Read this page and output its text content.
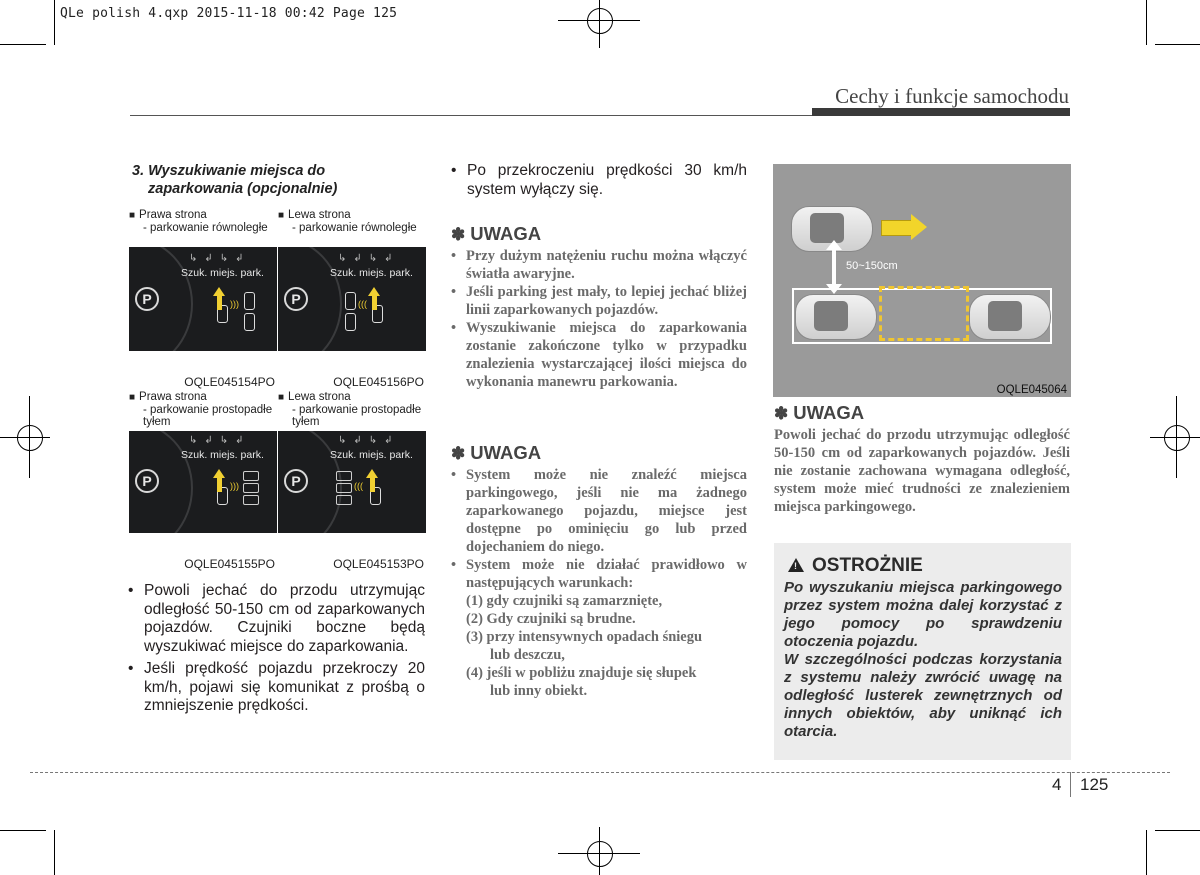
QLe polish 4.qxp 2015-11-18 00:42 Page 125
Cechy i funkcje samochodu
3. Wyszukiwanie miejsca do
zaparkowania (opcjonalnie)
■ Prawa strona
- parkowanie równoległe
↳↲↳↲
Szuk. miejs. park.
P	)))
OQLE045154PO
■ Lewa strona
- parkowanie równoległe
↳↲↳↲
Szuk. miejs. park.
P	(((
OQLE045156PO
■ Prawa strona
- parkowanie prostopadłe tyłem
↳↲↳↲
Szuk. miejs. park.
P	)))
OQLE045155PO
■ Lewa strona
- parkowanie prostopadłe tyłem
↳↲↳↲
Szuk. miejs. park.
P	(((
OQLE045153PO
• Powoli jechać do przodu utrzymując odległość 50-150 cm od zaparkowanych pojazdów. Czujniki boczne będą wyszukiwać miejsce do zaparkowania.
• Jeśli prędkość pojazdu przekroczy 20 km/h, pojawi się komunikat z prośbą o zmniejszenie prędkości.
• Po przekroczeniu prędkości 30 km/h system wyłączy się.
✽ UWAGA
• Przy dużym natężeniu ruchu można włączyć światła awaryjne.
• Jeśli parking jest mały, to lepiej jechać bliżej linii zaparkowanych pojazdów.
• Wyszukiwanie miejsca do zaparkowania zostanie zakończone tylko w przypadku znalezienia wystarczającej ilości miejsca do wykonania manewru parkowania.
✽ UWAGA
• System może nie znaleźć miejsca parkingowego, jeśli nie ma żadnego zaparkowanego pojazdu, miejsce jest dostępne po ominięciu go lub przed dojechaniem do niego.
• System może nie działać prawidłowo w następujących warunkach:
(1) gdy czujniki są zamarznięte,
(2) Gdy czujniki są brudne.
(3) przy intensywnych opadach śniegu
lub deszczu,
(4) jeśli w pobliżu znajduje się słupek
lub inny obiekt.
50~150cm
OQLE045064
✽ UWAGA
Powoli jechać do przodu utrzymując odległość 50-150 cm od zaparkowanych pojazdów. Jeśli nie zostanie zachowana wymagana odległość, system może mieć trudności ze znalezieniem miejsca parkingowego.
!OSTROŻNIE
Po wyszukaniu miejsca parkingowego przez system można dalej korzystać z jego pomocy po sprawdzeniu otoczenia pojazdu.
W szczególności podczas korzystania z systemu należy zwrócić uwagę na odległość lusterek zewnętrznych od innych obiektów, aby uniknąć ich otarcia.
4 125
